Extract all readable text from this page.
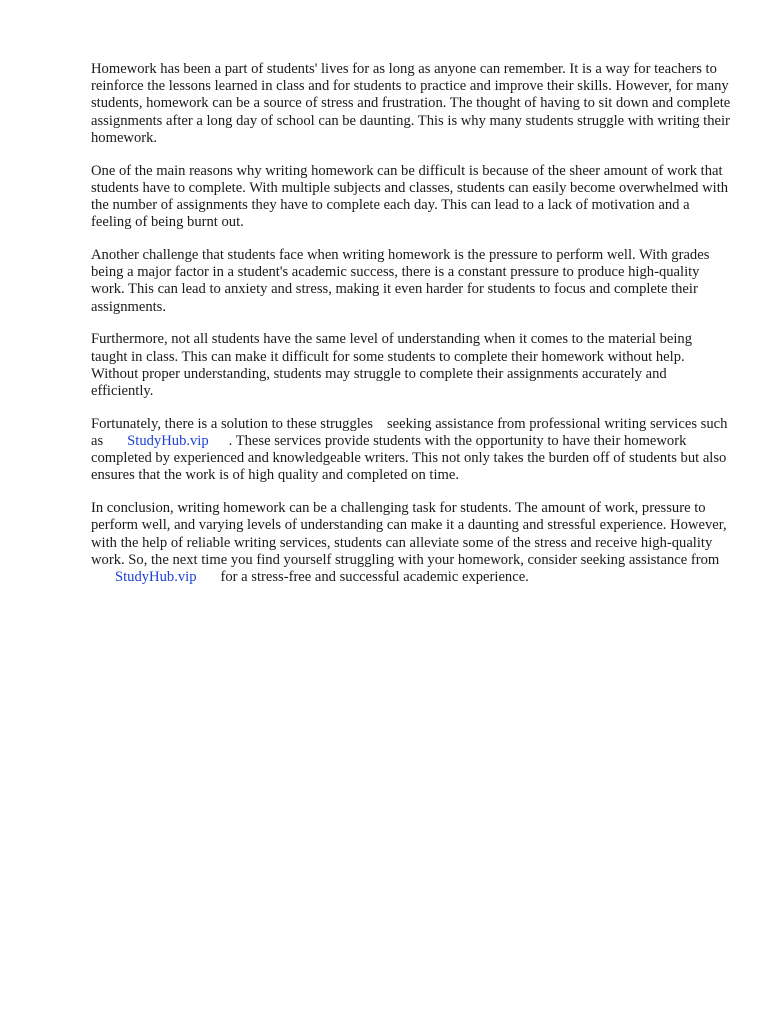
Homework has been a part of students' lives for as long as anyone can remember. It is a way for teachers to reinforce the lessons learned in class and for students to practice and improve their skills. However, for many students, homework can be a source of stress and frustration. The thought of having to sit down and complete assignments after a long day of school can be daunting. This is why many students struggle with writing their homework.

One of the main reasons why writing homework can be difficult is because of the sheer amount of work that students have to complete. With multiple subjects and classes, students can easily become overwhelmed with the number of assignments they have to complete each day. This can lead to a lack of motivation and a feeling of being burnt out.

Another challenge that students face when writing homework is the pressure to perform well. With grades being a major factor in a student's academic success, there is a constant pressure to produce high-quality work. This can lead to anxiety and stress, making it even harder for students to focus and complete their assignments.

Furthermore, not all students have the same level of understanding when it comes to the material being taught in class. This can make it difficult for some students to complete their homework without help. Without proper understanding, students may struggle to complete their assignments accurately and efficiently.

Fortunately, there is a solution to these struggles seeking assistance from professional writing services such as StudyHub.vip . These services provide students with the opportunity to have their homework completed by experienced and knowledgeable writers. This not only takes the burden off of students but also ensures that the work is of high quality and completed on time.

In conclusion, writing homework can be a challenging task for students. The amount of work, pressure to perform well, and varying levels of understanding can make it a daunting and stressful experience. However, with the help of reliable writing services, students can alleviate some of the stress and receive high-quality work. So, the next time you find yourself struggling with your homework, consider seeking assistance fromStudyHub.vip for a stress-free and successful academic experience.
